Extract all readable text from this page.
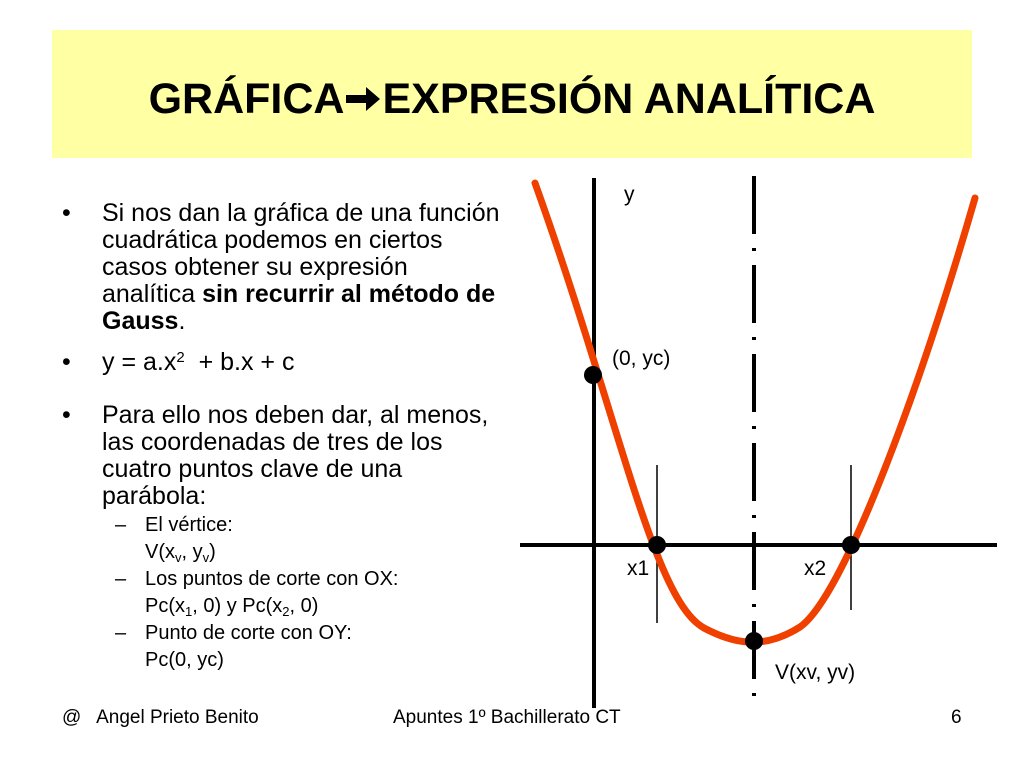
GRÁFICA EXPRESIÓN ANALÍTICA
• Si nos dan la gráfica de una función cuadrática podemos en ciertos casos obtener su expresión analítica sin recurrir al método de Gauss.
• $y = a.x^2 + b.x + c$
• Para ello nos deben dar, al menos, las coordenadas de tres de los cuatro puntos clave de una parábola:
– El vértice:
$V(x_v$, $y_v$)
– Los puntos de corte con OX:
$Pc(x_1$, 0) y $Pc(x_2$, 0)
– Punto de corte con OY:
Pc(0, yc)
y
(0, yc)
x1	x2
V(xv, yv)
@   Angel Prieto Benito	Apuntes 1º Bachillerato CT	6
